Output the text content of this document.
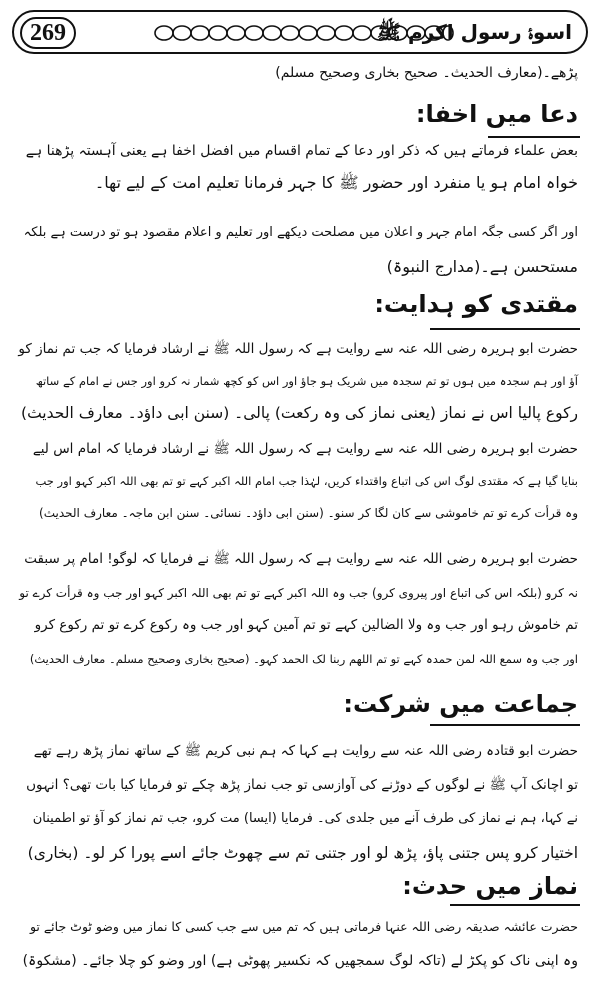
269	اسوۂ رسول اکرم ﷺ
پڑھے۔(معارف الحدیث۔ صحیح بخاری وصحیح مسلم)
دعا میں اخفا:
بعض علماء فرماتے ہیں کہ ذکر اور دعا کے تمام اقسام میں افضل اخفا ہے یعنی آہستہ پڑھنا ہے
خواہ امام ہو یا منفرد اور حضور ﷺ کا جہر فرمانا تعلیم امت کے لیے تھا۔
اور اگر کسی جگہ امام جہر و اعلان میں مصلحت دیکھے اور تعلیم و اعلام مقصود ہو تو درست ہے بلکہ
مستحسن ہے۔(مدارج النبوۃ)
مقتدی کو ہدایت:
حضرت ابو ہریرہ رضی اللہ عنہ سے روایت ہے کہ رسول اللہ ﷺ نے ارشاد فرمایا کہ جب تم نماز کو
آؤ اور ہم سجدہ میں ہوں تو تم سجدہ میں شریک ہو جاؤ اور اس کو کچھ شمار نہ کرو اور جس نے امام کے ساتھ
رکوع پالیا اس نے نماز (یعنی نماز کی وہ رکعت) پالی۔ (سنن ابی داؤد۔ معارف الحدیث)
حضرت ابو ہریرہ رضی اللہ عنہ سے روایت ہے کہ رسول اللہ ﷺ نے ارشاد فرمایا کہ امام اس لیے
بنایا گیا ہے کہ مقتدی لوگ اس کی اتباع واقتداء کریں، لہٰذا جب امام اللہ اکبر کہے تو تم بھی اللہ اکبر کہو اور جب
وہ قرأت کرے تو تم خاموشی سے کان لگا کر سنو۔ (سنن ابی داؤد۔ نسائی۔ سنن ابن ماجہ۔ معارف الحدیث)
حضرت ابو ہریرہ رضی اللہ عنہ سے روایت ہے کہ رسول اللہ ﷺ نے فرمایا کہ لوگو! امام پر سبقت
نہ کرو (بلکہ اس کی اتباع اور پیروی کرو) جب وہ اللہ اکبر کہے تو تم بھی اللہ اکبر کہو اور جب وہ قرأت کرے تو
تم خاموش رہو اور جب وہ ولا الضالین کہے تو تم آمین کہو اور جب وہ رکوع کرے تو تم رکوع کرو
اور جب وہ سمع اللہ لمن حمدہ کہے تو تم اللھم ربنا لک الحمد کہو۔ (صحیح بخاری وصحیح مسلم۔ معارف الحدیث)
جماعت میں شرکت:
حضرت ابو قتادہ رضی اللہ عنہ سے روایت ہے کہا کہ ہم نبی کریم ﷺ کے ساتھ نماز پڑھ رہے تھے
تو اچانک آپ ﷺ نے لوگوں کے دوڑنے کی آوازسی تو جب نماز پڑھ چکے تو فرمایا کیا بات تھی؟ انہوں
نے کہا، ہم نے نماز کی طرف آنے میں جلدی کی۔ فرمایا (ایسا) مت کرو، جب تم نماز کو آؤ تو اطمینان
اختیار کرو پس جتنی پاؤ، پڑھ لو اور جتنی تم سے چھوٹ جائے اسے پورا کر لو۔ (بخاری)
نماز میں حدث:
حضرت عائشہ صدیقہ رضی اللہ عنہا فرماتی ہیں کہ تم میں سے جب کسی کا نماز میں وضو ٹوٹ جائے تو
وہ اپنی ناک کو پکڑ لے (تاکہ لوگ سمجھیں کہ نکسیر پھوٹی ہے) اور وضو کو چلا جائے۔ (مشکوۃ)
